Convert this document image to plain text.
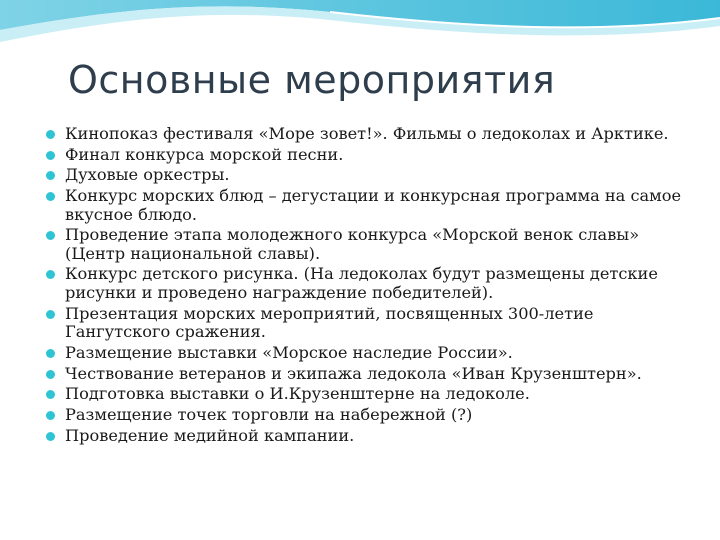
Основные мероприятия
Кинопоказ фестиваля «Море зовет!». Фильмы о ледоколах и Арктике.
Финал конкурса морской песни.
Духовые оркестры.
Конкурс морских блюд – дегустации и конкурсная программа на самое вкусное блюдо.
Проведение этапа молодежного конкурса «Морской венок славы» (Центр национальной славы).
Конкурс детского рисунка. (На ледоколах будут размещены детские рисунки и проведено награждение победителей).
Презентация морских мероприятий, посвященных 300-летие Гангутского сражения.
Размещение выставки «Морское наследие России».
Чествование ветеранов и экипажа ледокола «Иван Крузенштерн».
Подготовка выставки о И.Крузенштерне на ледоколе.
Размещение точек торговли на набережной (?)
Проведение медийной кампании.
